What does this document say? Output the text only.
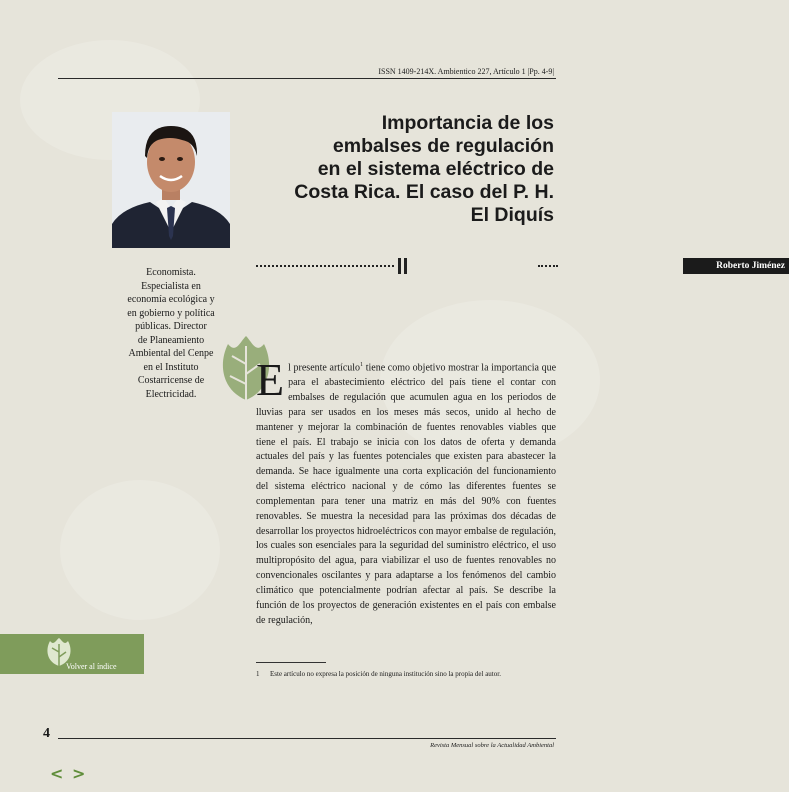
ISSN 1409-214X. Ambientico 227, Artículo 1 |Pp. 4-9|
Importancia de los
embalses de regulación
en el sistema eléctrico de
Costa Rica. El caso del P. H.
El Diquís
Roberto Jiménez
Economista.
Especialista en
economía ecológica y
en gobierno y política
públicas. Director
de Planeamiento
Ambiental del Cenpe
en el Instituto
Costarricense de
Electricidad.	El presente artículo$^1$ tiene como objetivo mostrar la importancia que para el abastecimiento eléctrico del país tiene el contar con embalses de regulación que acumulen agua en los periodos de lluvias para ser usados en los meses más secos, unido al hecho de mantener y mejorar la combinación de fuentes renovables viables que tiene el país. El trabajo se inicia con los datos de oferta y demanda actuales del país y las fuentes potenciales que existen para abastecer la demanda. Se hace igualmente una corta explicación del funcionamiento del sistema eléctrico nacional y de cómo las diferentes fuentes se complementan para tener una matriz en más del 90% con fuentes renovables. Se muestra la necesidad para las próximas dos décadas de desarrollar los proyectos hidroeléctricos con mayor embalse de regulación, los cuales son esenciales para la seguridad del suministro eléctrico, el uso multipropósito del agua, para viabilizar el uso de fuentes renovables no convencionales oscilantes y para adaptarse a los fenómenos del cambio climático que potencialmente podrían afectar al país. Se describe la función de los proyectos de generación existentes en el país con embalse de regulación,
1 Este artículo no expresa la posición de ninguna institución sino la propia del autor.
Volver al índice
4
Revista Mensual sobre la Actualidad Ambiental
< >
